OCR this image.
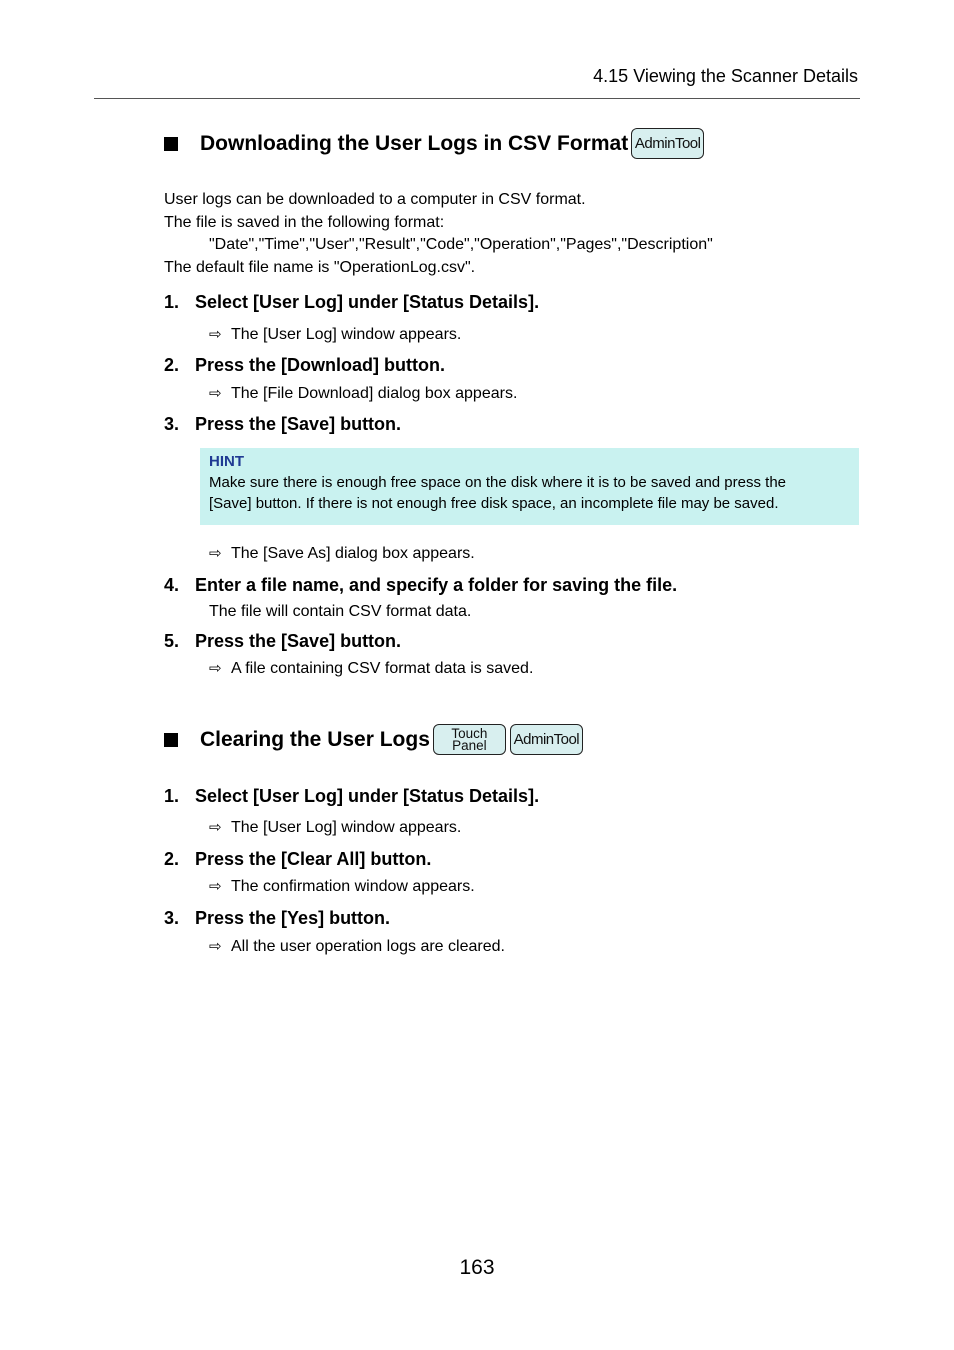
4.15 Viewing the Scanner Details
Downloading the User Logs in CSV Format AdminTool
User logs can be downloaded to a computer in CSV format.
The file is saved in the following format:
"Date","Time","User","Result","Code","Operation","Pages","Description"
The default file name is "OperationLog.csv".
1. Select [User Log] under [Status Details].
⇨ The [User Log] window appears.
2. Press the [Download] button.
⇨ The [File Download] dialog box appears.
3. Press the [Save] button.
HINT
Make sure there is enough free space on the disk where it is to be saved and press the
[Save] button. If there is not enough free disk space, an incomplete file may be saved.
⇨ The [Save As] dialog box appears.
4. Enter a file name, and specify a folder for saving the file.
The file will contain CSV format data.
5. Press the [Save] button.
⇨ A file containing CSV format data is saved.
Clearing the User Logs Touch
Panel AdminTool
1. Select [User Log] under [Status Details].
⇨ The [User Log] window appears.
2. Press the [Clear All] button.
⇨ The confirmation window appears.
3. Press the [Yes] button.
⇨ All the user operation logs are cleared.
163
